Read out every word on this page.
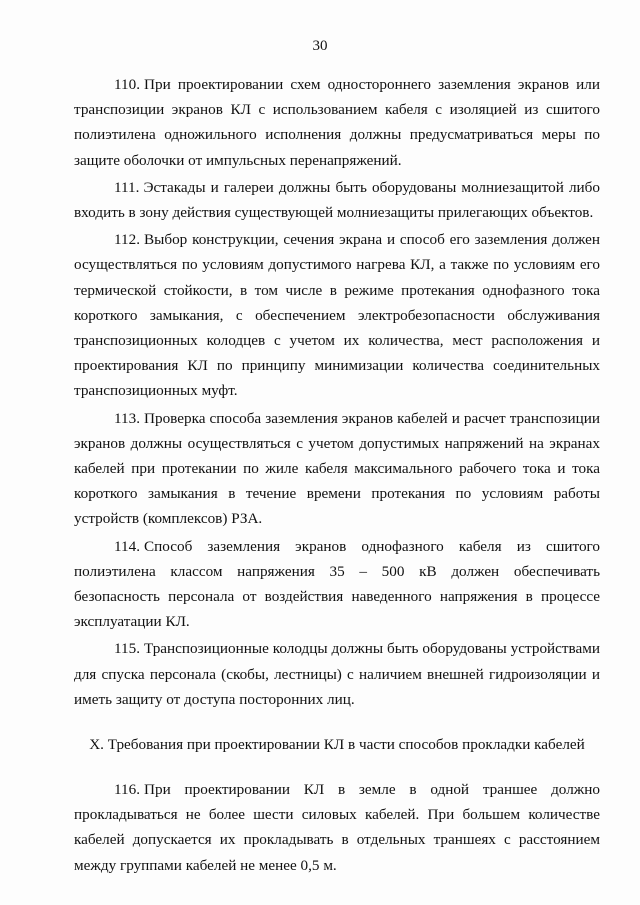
30

110. При проектировании схем одностороннего заземления экранов или транспозиции экранов КЛ с использованием кабеля с изоляцией из сшитого полиэтилена одножильного исполнения должны предусматриваться меры по защите оболочки от импульсных перенапряжений.

111. Эстакады и галереи должны быть оборудованы молниезащитой либо входить в зону действия существующей молниезащиты прилегающих объектов.

112. Выбор конструкции, сечения экрана и способ его заземления должен осуществляться по условиям допустимого нагрева КЛ, а также по условиям его термической стойкости, в том числе в режиме протекания однофазного тока короткого замыкания, с обеспечением электробезопасности обслуживания транспозиционных колодцев с учетом их количества, мест расположения и проектирования КЛ по принципу минимизации количества соединительных транспозиционных муфт.

113. Проверка способа заземления экранов кабелей и расчет транспозиции экранов должны осуществляться с учетом допустимых напряжений на экранах кабелей при протекании по жиле кабеля максимального рабочего тока и тока короткого замыкания в течение времени протекания по условиям работы устройств (комплексов) РЗА.

114. Способ заземления экранов однофазного кабеля из сшитого полиэтилена классом напряжения 35 – 500 кВ должен обеспечивать безопасность персонала от воздействия наведенного напряжения в процессе эксплуатации КЛ.

115. Транспозиционные колодцы должны быть оборудованы устройствами для спуска персонала (скобы, лестницы) с наличием внешней гидроизоляции и иметь защиту от доступа посторонних лиц.

X. Требования при проектировании КЛ в части способов прокладки кабелей

116. При проектировании КЛ в земле в одной траншее должно прокладываться не более шести силовых кабелей. При большем количестве кабелей допускается их прокладывать в отдельных траншеях с расстоянием между группами кабелей не менее 0,5 м.
